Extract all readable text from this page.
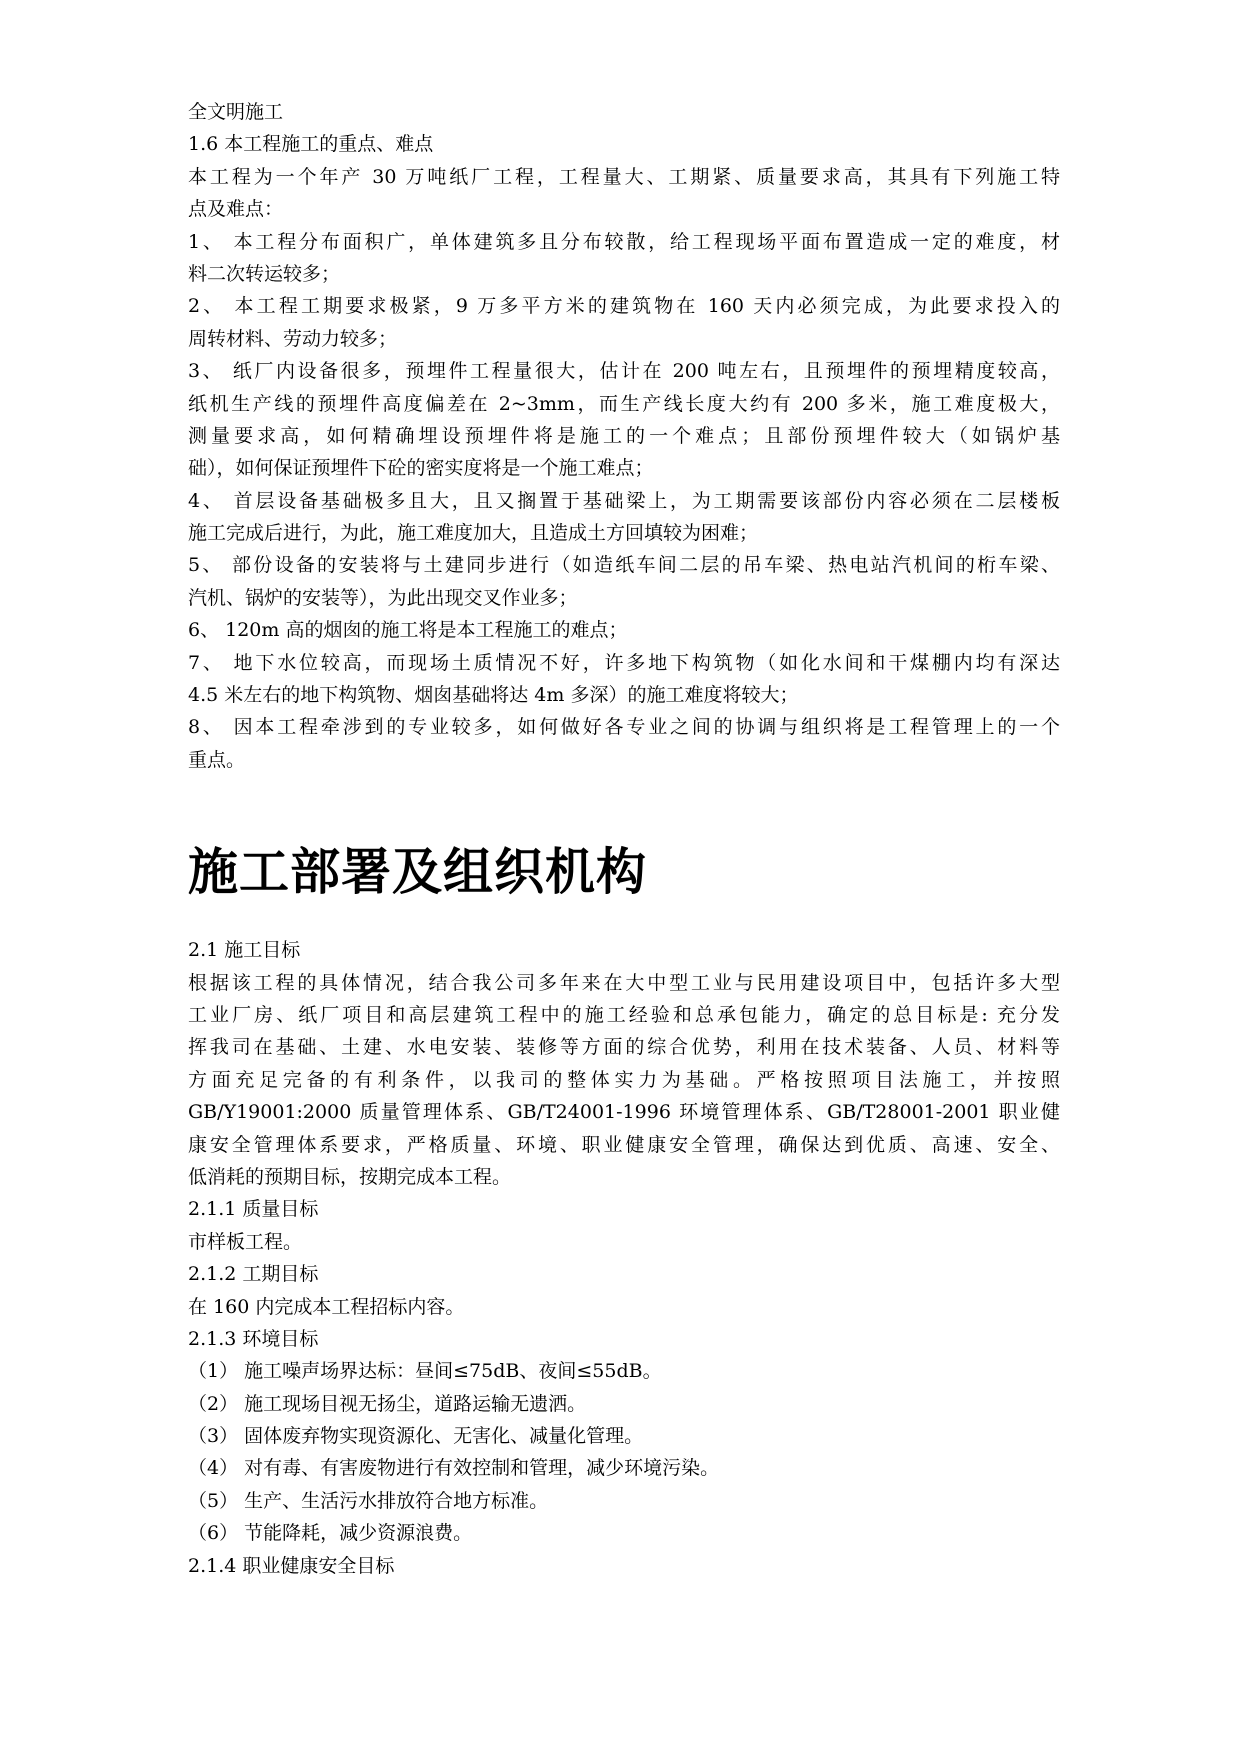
全文明施工
1.6 本工程施工的重点、难点
本工程为一个年产 30 万吨纸厂工程，工程量大、工期紧、质量要求高，其具有下列施工特
点及难点：
1、 本工程分布面积广，单体建筑多且分布较散，给工程现场平面布置造成一定的难度，材
料二次转运较多；
2、 本工程工期要求极紧，9 万多平方米的建筑物在 160 天内必须完成，为此要求投入的
周转材料、劳动力较多；
3、 纸厂内设备很多，预埋件工程量很大，估计在 200 吨左右，且预埋件的预埋精度较高，
纸机生产线的预埋件高度偏差在 2~3mm，而生产线长度大约有 200 多米，施工难度极大，
测量要求高，如何精确埋设预埋件将是施工的一个难点；且部份预埋件较大（如锅炉基
础），如何保证预埋件下砼的密实度将是一个施工难点；
4、 首层设备基础极多且大，且又搁置于基础梁上，为工期需要该部份内容必须在二层楼板
施工完成后进行，为此，施工难度加大，且造成土方回填较为困难；
5、 部份设备的安装将与土建同步进行（如造纸车间二层的吊车梁、热电站汽机间的桁车梁、
汽机、锅炉的安装等），为此出现交叉作业多；
6、 120m 高的烟囱的施工将是本工程施工的难点；
7、 地下水位较高，而现场土质情况不好，许多地下构筑物（如化水间和干煤棚内均有深达
4.5 米左右的地下构筑物、烟囱基础将达 4m 多深）的施工难度将较大；
8、 因本工程牵涉到的专业较多，如何做好各专业之间的协调与组织将是工程管理上的一个
重点。
施工部署及组织机构
2.1 施工目标
根据该工程的具体情况，结合我公司多年来在大中型工业与民用建设项目中，包括许多大型
工业厂房、纸厂项目和高层建筑工程中的施工经验和总承包能力，确定的总目标是: 充分发
挥我司在基础、土建、水电安装、装修等方面的综合优势，利用在技术装备、人员、材料等
方面充足完备的有利条件，以我司的整体实力为基础。严格按照项目法施工，并按照
GB/Y19001:2000 质量管理体系、GB/T24001-1996 环境管理体系、GB/T28001-2001 职业健
康安全管理体系要求，严格质量、环境、职业健康安全管理，确保达到优质、高速、安全、
低消耗的预期目标，按期完成本工程。
2.1.1 质量目标
市样板工程。
2.1.2 工期目标
在 160 内完成本工程招标内容。
2.1.3 环境目标
（1） 施工噪声场界达标：昼间≤75dB、夜间≤55dB。
（2） 施工现场目视无扬尘，道路运输无遗洒。
（3） 固体废弃物实现资源化、无害化、减量化管理。
（4） 对有毒、有害废物进行有效控制和管理，减少环境污染。
（5） 生产、生活污水排放符合地方标准。
（6） 节能降耗，减少资源浪费。
2.1.4 职业健康安全目标
